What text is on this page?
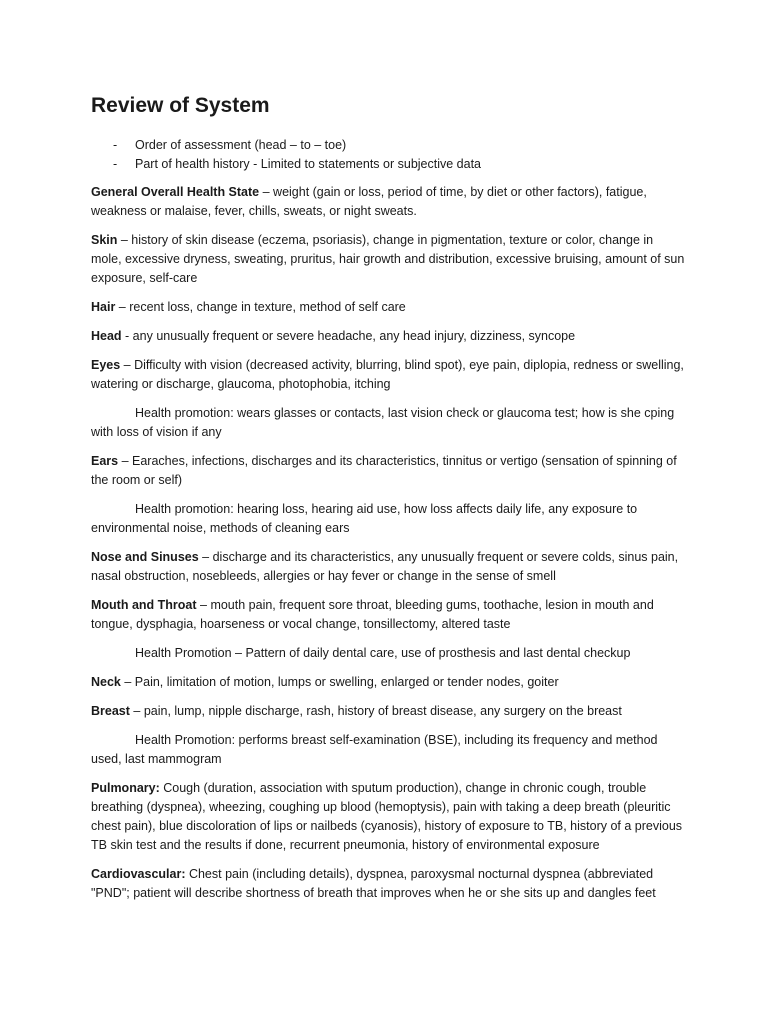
Review of System
- Order of assessment (head – to – toe)
- Part of health history - Limited to statements or subjective data

General Overall Health State – weight (gain or loss, period of time, by diet or other factors), fatigue, weakness or malaise, fever, chills, sweats, or night sweats.

Skin – history of skin disease (eczema, psoriasis), change in pigmentation, texture or color, change in mole, excessive dryness, sweating, pruritus, hair growth and distribution, excessive bruising, amount of sun exposure, self-care

Hair – recent loss, change in texture, method of self care

Head - any unusually frequent or severe headache, any head injury, dizziness, syncope

Eyes – Difficulty with vision (decreased activity, blurring, blind spot), eye pain, diplopia, redness or swelling, watering or discharge, glaucoma, photophobia, itching

Health promotion: wears glasses or contacts, last vision check or glaucoma test; how is she cping with loss of vision if any

Ears – Earaches, infections, discharges and its characteristics, tinnitus or vertigo (sensation of spinning of the room or self)

Health promotion: hearing loss, hearing aid use, how loss affects daily life, any exposure to environmental noise, methods of cleaning ears

Nose and Sinuses – discharge and its characteristics, any unusually frequent or severe colds, sinus pain, nasal obstruction, nosebleeds, allergies or hay fever or change in the sense of smell

Mouth and Throat – mouth pain, frequent sore throat, bleeding gums, toothache, lesion in mouth and tongue, dysphagia, hoarseness or vocal change, tonsillectomy, altered taste

Health Promotion – Pattern of daily dental care, use of prosthesis and last dental checkup

Neck – Pain, limitation of motion, lumps or swelling, enlarged or tender nodes, goiter

Breast – pain, lump, nipple discharge, rash, history of breast disease, any surgery on the breast

Health Promotion: performs breast self-examination (BSE), including its frequency and method used, last mammogram

Pulmonary: Cough (duration, association with sputum production), change in chronic cough, trouble breathing (dyspnea), wheezing, coughing up blood (hemoptysis), pain with taking a deep breath (pleuritic chest pain), blue discoloration of lips or nailbeds (cyanosis), history of exposure to TB, history of a previous TB skin test and the results if done, recurrent pneumonia, history of environmental exposure

Cardiovascular: Chest pain (including details), dyspnea, paroxysmal nocturnal dyspnea (abbreviated "PND"; patient will describe shortness of breath that improves when he or she sits up and dangles feet
